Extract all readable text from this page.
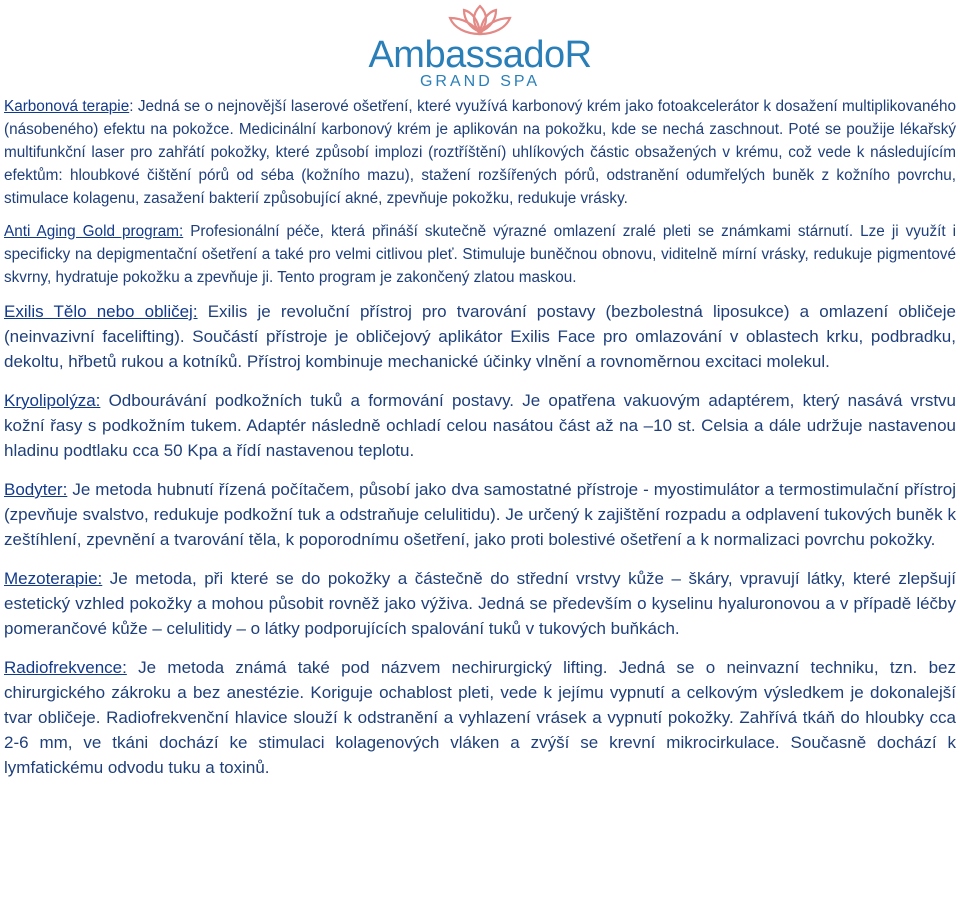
AmbassadoR
GRAND SPA

Karbonová terapie: Jedná se o nejnovější laserové ošetření, které využívá karbonový krém jako fotoakcelerátor k dosažení multiplikovaného (násobeného) efektu na pokožce. Medicinální karbonový krém je aplikován na pokožku, kde se nechá zaschnout. Poté se použije lékařský multifunkční laser pro zahřátí pokožky, které způsobí implozi (roztříštění) uhlíkových částic obsažených v krému, což vede k následujícím efektům: hloubkové čištění pórů od séba (kožního mazu), stažení rozšířených pórů, odstranění odumřelých buněk z kožního povrchu, stimulace kolagenu, zasažení bakterií způsobující akné, zpevňuje pokožku, redukuje vrásky.

Anti Aging Gold program: Profesionální péče, která přináší skutečně výrazné omlazení zralé pleti se známkami stárnutí. Lze ji využít i specificky na depigmentační ošetření a také pro velmi citlivou pleť. Stimuluje buněčnou obnovu, viditelně mírní vrásky, redukuje pigmentové skvrny, hydratuje pokožku a zpevňuje ji. Tento program je zakončený zlatou maskou.

Exilis Tělo nebo obličej: Exilis je revoluční přístroj pro tvarování postavy (bezbolestná liposukce) a omlazení obličeje (neinvazivní facelifting). Součástí přístroje je obličejový aplikátor Exilis Face pro omlazování v oblastech krku, podbradku, dekoltu, hřbetů rukou a kotníků. Přístroj kombinuje mechanické účinky vlnění a rovnoměrnou excitaci molekul.

Kryolipolýza: Odbourávání podkožních tuků a formování postavy. Je opatřena vakuovým adaptérem, který nasává vrstvu kožní řasy s podkožním tukem. Adaptér následně ochladí celou nasátou část až na –10 st. Celsia a dále udržuje nastavenou hladinu podtlaku cca 50 Kpa a řídí nastavenou teplotu.

Bodyter: Je metoda hubnutí řízená počítačem, působí jako dva samostatné přístroje - myostimulátor a termostimulační přístroj (zpevňuje svalstvo, redukuje podkožní tuk a odstraňuje celulitidu). Je určený k zajištění rozpadu a odplavení tukových buněk k zeštíhlení, zpevnění a tvarování těla, k poporodnímu ošetření, jako proti bolestivé ošetření a k normalizaci povrchu pokožky.

Mezoterapie: Je metoda, při které se do pokožky a částečně do střední vrstvy kůže – škáry, vpravují látky, které zlepšují estetický vzhled pokožky a mohou působit rovněž jako výživa. Jedná se především o kyselinu hyaluronovou a v případě léčby pomerančové kůže – celulitidy – o látky podporujících spalování tuků v tukových buňkách.

Radiofrekvence: Je metoda známá také pod názvem nechirurgický lifting. Jedná se o neinvazní techniku, tzn. bez chirurgického zákroku a bez anestézie. Koriguje ochablost pleti, vede k jejímu vypnutí a celkovým výsledkem je dokonalejší tvar obličeje. Radiofrekvenční hlavice slouží k odstranění a vyhlazení vrásek a vypnutí pokožky. Zahřívá tkáň do hloubky cca 2-6 mm, ve tkáni dochází ke stimulaci kolagenových vláken a zvýší se krevní mikrocirkulace. Současně dochází k lymfatickému odvodu tuku a toxinů.
